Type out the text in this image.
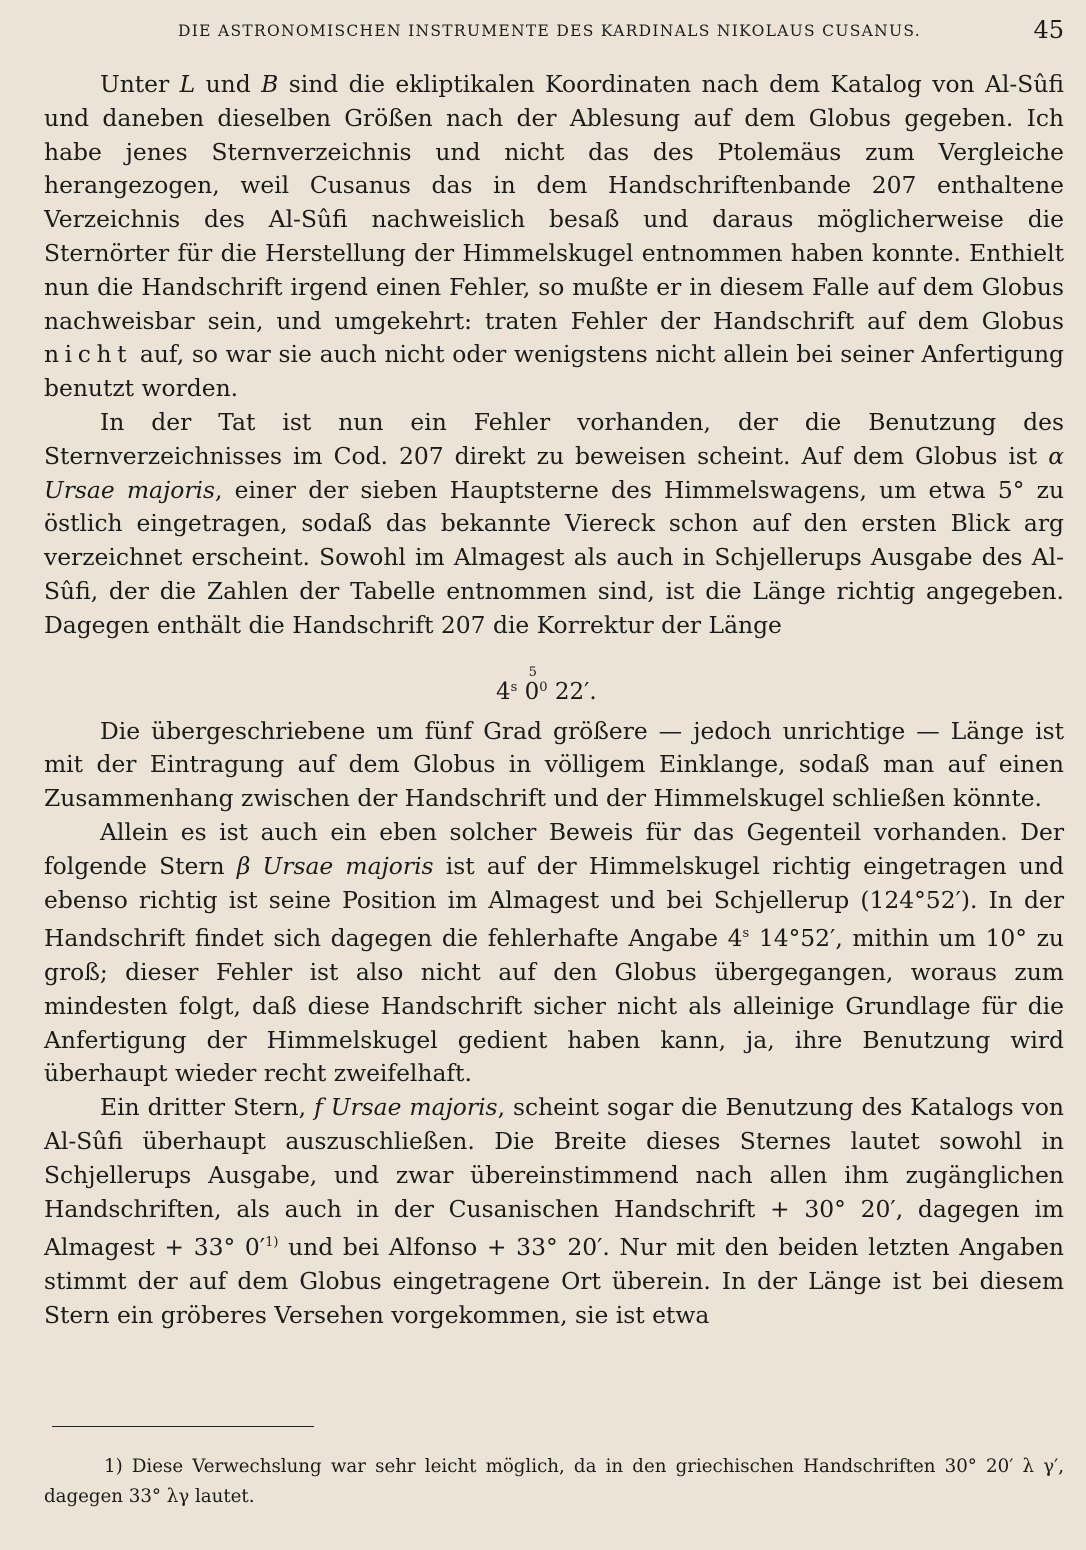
DIE ASTRONOMISCHEN INSTRUMENTE DES KARDINALS NIKOLAUS CUSANUS.	45

Unter L und B sind die ekliptikalen Koordinaten nach dem Katalog von Al-Sûfi und daneben dieselben Größen nach der Ablesung auf dem Globus gegeben. Ich habe jenes Sternverzeichnis und nicht das des Ptolemäus zum Vergleiche herangezogen, weil Cusanus das in dem Handschriftenbande 207 enthaltene Verzeichnis des Al-Sûfi nachweislich besaß und daraus möglicherweise die Sternörter für die Herstellung der Himmelskugel entnommen haben konnte. Enthielt nun die Handschrift irgend einen Fehler, so mußte er in diesem Falle auf dem Globus nachweisbar sein, und umgekehrt: traten Fehler der Handschrift auf dem Globus nicht auf, so war sie auch nicht oder wenigstens nicht allein bei seiner Anfertigung benutzt worden.

In der Tat ist nun ein Fehler vorhanden, der die Benutzung des Sternverzeichnisses im Cod. 207 direkt zu beweisen scheint. Auf dem Globus ist α Ursae majoris, einer der sieben Hauptsterne des Himmelswagens, um etwa 5° zu östlich eingetragen, sodaß das bekannte Viereck schon auf den ersten Blick arg verzeichnet erscheint. Sowohl im Almagest als auch in Schjellerups Ausgabe des Al-Sûfi, der die Zahlen der Tabelle entnommen sind, ist die Länge richtig angegeben. Dagegen enthält die Handschrift 207 die Korrektur der Länge

4$^s$
5
$0^0$ 22′.

Die übergeschriebene um fünf Grad größere — jedoch unrichtige — Länge ist mit der Eintragung auf dem Globus in völligem Einklange, sodaß man auf einen Zusammenhang zwischen der Handschrift und der Himmelskugel schließen könnte.

Allein es ist auch ein eben solcher Beweis für das Gegenteil vorhanden. Der folgende Stern β Ursae majoris ist auf der Himmelskugel richtig eingetragen und ebenso richtig ist seine Position im Almagest und bei Schjellerup (124°52′). In der Handschrift findet sich dagegen die fehlerhafte Angabe 4$^s$ 14°52′, mithin um 10° zu groß; dieser Fehler ist also nicht auf den Globus übergegangen, woraus zum mindesten folgt, daß diese Handschrift sicher nicht als alleinige Grundlage für die Anfertigung der Himmelskugel gedient haben kann, ja, ihre Benutzung wird überhaupt wieder recht zweifelhaft.

Ein dritter Stern, f Ursae majoris, scheint sogar die Benutzung des Katalogs von Al-Sûfi überhaupt auszuschließen. Die Breite dieses Sternes lautet sowohl in Schjellerups Ausgabe, und zwar übereinstimmend nach allen ihm zugänglichen Handschriften, als auch in der Cusanischen Handschrift + 30° 20′, dagegen im Almagest + 33° $0'^{1)}$ und bei Alfonso + 33° 20′. Nur mit den beiden letzten Angaben stimmt der auf dem Globus eingetragene Ort überein. In der Länge ist bei diesem Stern ein gröberes Versehen vorgekommen, sie ist etwa

1) Diese Verwechslung war sehr leicht möglich, da in den griechischen Handschriften 30° 20′ λ γ′, dagegen 33° λγ lautet.
